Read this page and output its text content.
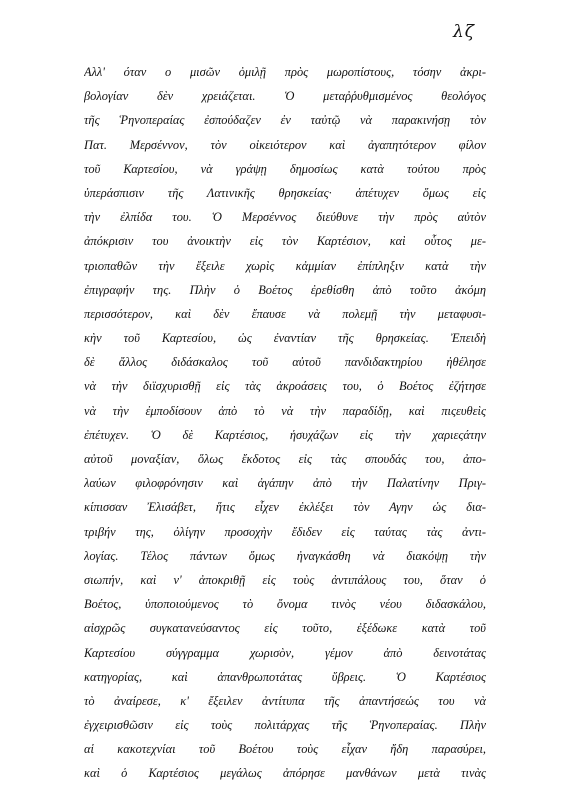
λζ
Αλλ' όταν ο μισῶν ὀμιλῇ πρὸς μωροπίστους, τόσην ἀκρι-
βολογίαν δὲν χρειάζεται. Ὁ μεταῤῥυθμισμένος θεολόγος
τῆς Ῥηνοπεραίας ἐσπούδαζεν ἐν ταὐτῷ νὰ παρακινήσῃ τὸν
Πατ. Μερσέννον, τὸν οἰκειότερον καὶ ἀγαπητότερον φίλον
τοῦ Καρτεσίου, νὰ γράψῃ δημοσίως κατὰ τούτου πρὸς
ὑπεράσπισιν τῆς Λατινικῆς θρησκείας· ἀπέτυχεν ὅμως εἰς
τὴν ἐλπίδα του. Ὁ Μερσέννος διεύθυνε τὴν πρὸς αὐτὸν
ἀπόκρισιν του ἀνοικτὴν εἰς τὸν Καρτέσιον, καὶ οὗτος με-
τριοπαθῶν τὴν ἔξειλε χωρὶς κἀμμίαν ἐπίπληξιν κατὰ τὴν
ἐπιγραφήν της. Πλὴν ὁ Βοέτος ἐρεθίσθη ἀπὸ τοῦτο ἀκόμη
περισσότερον, καὶ δὲν ἔπαυσε νὰ πολεμῇ τὴν μεταφυσι-
κὴν τοῦ Καρτεσίου, ὡς ἐναντίαν τῆς θρησκείας. Ἐπειδὴ
δὲ ἄλλος διδάσκαλος τοῦ αὐτοῦ πανδιδακτηρίου ἠθέλησε
νὰ τὴν διϊσχυρισθῇ εἰς τὰς ἀκροάσεις του, ὁ Βοέτος ἐζήτησε
νὰ τὴν ἐμποδίσουν ἀπὸ τὸ νὰ τὴν παραδίδῃ, καὶ πιςευθεὶς
ἐπέτυχεν. Ὁ δὲ Καρτέσιος, ἡσυχάζων εἰς τὴν χαριεςάτην
αὐτοῦ μοναξίαν, ὅλως ἔκδοτος εἰς τὰς σπουδάς του, ἀπο-
λαύων φιλοφρόνησιν καὶ ἀγάπην ἀπὸ τὴν Παλατίνην Πριγ-
κίπισσαν Ἐλισάβετ, ἥτις εἶχεν ἐκλέξει τὸν Αγην ὡς δια-
τριβήν της, ὀλίγην προσοχὴν ἔδιδεν εἰς ταύτας τὰς ἀντι-
λογίας. Τέλος πάντων ὅμως ἠναγκάσθη νὰ διακόψῃ τὴν
σιωπήν, καὶ ν' ἀποκριθῇ εἰς τοὺς ἀντιπάλους του, ὅταν ὁ
Βοέτος, ὑποποιούμενος τὸ ὄνομα τινὸς νέου διδασκάλου,
αἰσχρῶς συγκατανεύσαντος εἰς τοῦτο, ἐξέδωκε κατὰ τοῦ
Καρτεσίου σύγγραμμα χωρισὸν, γέμον ἀπὸ δεινοτάτας
κατηγορίας, καὶ ἀπανθρωποτάτας ὕβρεις. Ὁ Καρτέσιος
τὸ ἀναίρεσε, κ' ἔξειλεν ἀντίτυπα τῆς ἀπαντήσεώς του νὰ
ἐγχειρισθῶσιν εἰς τοὺς πολιτάρχας τῆς Ῥηνοπεραίας. Πλὴν
αἱ κακοτεχνίαι τοῦ Βοέτου τοὺς εἶχαν ἤδη παρασύρει,
καὶ ὁ Καρτέσιος μεγάλως ἀπόρησε μανθάνων μετὰ τινὰς
